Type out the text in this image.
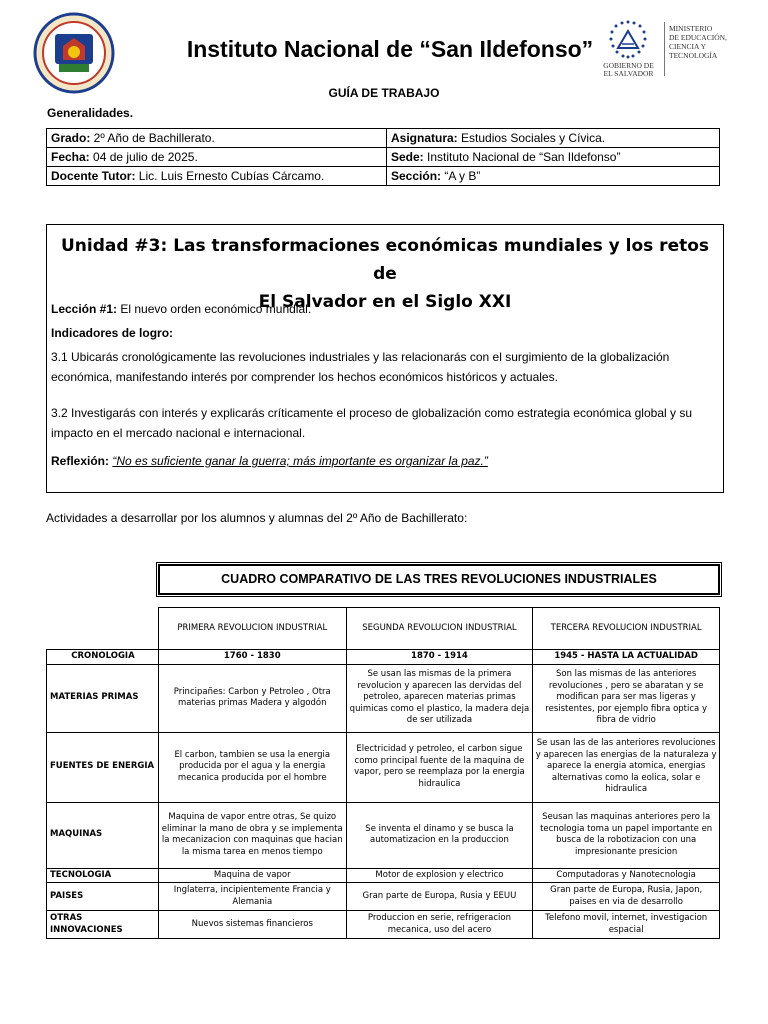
Instituto Nacional de “San Ildefonso”
GOBIERNO DE
EL SALVADOR
MINISTERIO
DE EDUCACIÓN,
CIENCIA Y
TECNOLOGÍA
GUÍA DE TRABAJO
Generalidades.
Grado: 2º Año de Bachillerato.	Asignatura: Estudios Sociales y Cívica.
Fecha: 04 de julio de 2025.	Sede: Instituto Nacional de “San Ildefonso”
Docente Tutor: Lic. Luis Ernesto Cubías Cárcamo.	Sección: “A y B”
Unidad #3: Las transformaciones económicas mundiales y los retos de
El Salvador en el Siglo XXI
Lección #1: El nuevo orden económico mundial.
Indicadores de logro:
3.1 Ubicarás cronológicamente las revoluciones industriales y las relacionarás con el surgimiento de la globalización económica, manifestando interés por comprender los hechos económicos históricos y actuales.
3.2 Investigarás con interés y explicarás críticamente el proceso de globalización como estrategia económica global y su impacto en el mercado nacional e internacional.
Reflexión: “No es suficiente ganar la guerra; más importante es organizar la paz.”
Actividades a desarrollar por los alumnos y alumnas del 2º Año de Bachillerato:
CUADRO COMPARATIVO DE LAS TRES REVOLUCIONES INDUSTRIALES
	PRIMERA REVOLUCION INDUSTRIAL	SEGUNDA REVOLUCION INDUSTRIAL	TERCERA REVOLUCION INDUSTRIAL
CRONOLOGIA	1760 - 1830	1870 - 1914	1945 - HASTA LA ACTUALIDAD
MATERIAS PRIMAS	Principañes: Carbon y Petroleo , Otra materias primas Madera y algodón	Se usan las mismas de la primera revolucion y aparecen las dervidas del petroleo, aparecen materias primas quimicas como el plastico, la madera deja de ser utilizada	Son las mismas de las anteriores revoluciones , pero se abaratan y se modifican para ser mas ligeras y resistentes, por ejemplo fibra optica y fibra de vidrio
FUENTES DE ENERGIA	El carbon, tambien se usa la energia producida por el agua y la energia mecanica producida por el hombre	Electricidad y petroleo, el carbon sigue como principal fuente de la maquina de vapor, pero se reemplaza por la energia hidraulica	Se usan las de las anteriores revoluciones y aparecen las energias de la naturaleza y aparece la energia atomica, energias alternativas como la eolica, solar e hidraulica
MAQUINAS	Maquina de vapor entre otras, Se quizo eliminar la mano de obra y se implementa la mecanizacion con maquinas que hacian la misma tarea en menos tiempo	Se inventa el dinamo y se busca la automatizacion en la produccion	Seusan las maquinas anteriores pero la tecnologia toma un papel importante en busca de la robotizacion con una impresionante presicion
TECNOLOGIA	Maquina de vapor	Motor de explosion y electrico	Computadoras y Nanotecnologia
PAISES	Inglaterra, incipientemente Francia y Alemania	Gran parte de Europa, Rusia y EEUU	Gran parte de Europa, Rusia, Japon, paises en via de desarrollo
OTRAS INNOVACIONES	Nuevos sistemas financieros	Produccion en serie, refrigeracion mecanica, uso del acero	Telefono movil, internet, investigacion espacial
